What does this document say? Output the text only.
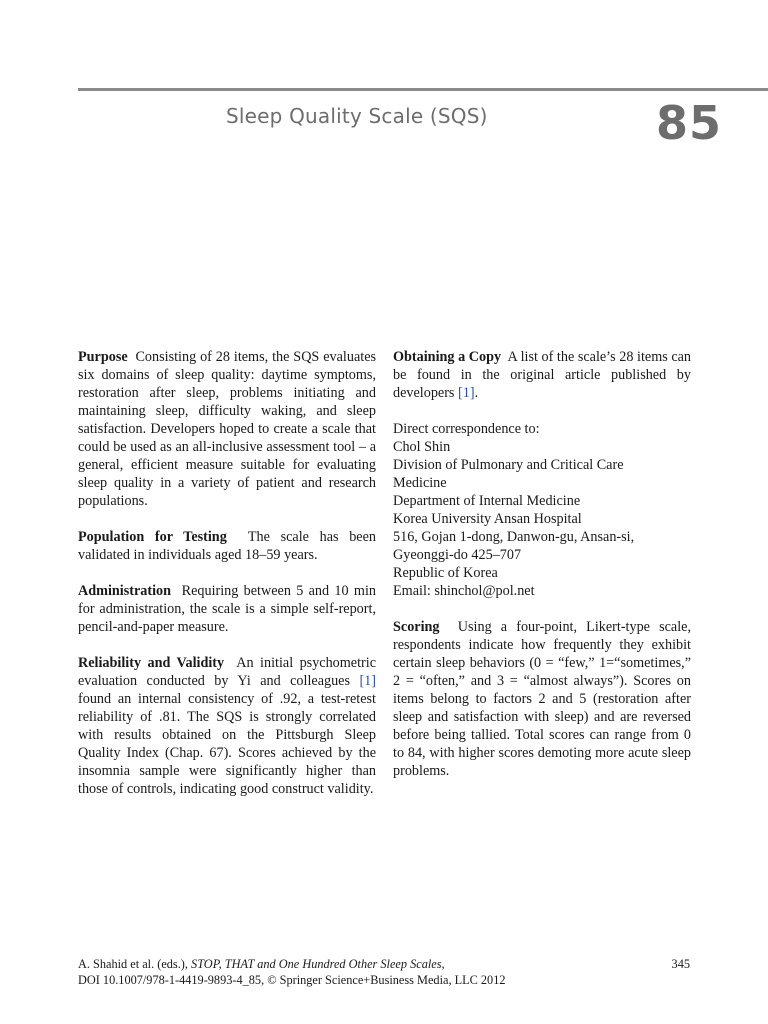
Sleep Quality Scale (SQS)	85

Purpose Consisting of 28 items, the SQS evaluates six domains of sleep quality: daytime symptoms, restoration after sleep, problems initiating and maintaining sleep, difficulty waking, and sleep satisfaction. Developers hoped to create a scale that could be used as an all-inclusive assessment tool – a general, efficient measure suitable for evaluating sleep quality in a variety of patient and research populations.

Population for Testing The scale has been validated in individuals aged 18–59 years.

Administration Requiring between 5 and 10 min for administration, the scale is a simple self-report, pencil-and-paper measure.

Reliability and Validity An initial psychometric evaluation conducted by Yi and colleagues [1] found an internal consistency of .92, a test-retest reliability of .81. The SQS is strongly correlated with results obtained on the Pittsburgh Sleep Quality Index (Chap. 67). Scores achieved by the insomnia sample were significantly higher than those of controls, indicating good construct validity.

Obtaining a Copy A list of the scale’s 28 items can be found in the original article published by developers [1].

Direct correspondence to:
Chol Shin
Division of Pulmonary and Critical Care
Medicine
Department of Internal Medicine
Korea University Ansan Hospital
516, Gojan 1-dong, Danwon-gu, Ansan-si,
Gyeonggi-do 425–707
Republic of Korea
Email: shinchol@pol.net

Scoring Using a four-point, Likert-type scale, respondents indicate how frequently they exhibit certain sleep behaviors (0 = “few,” 1=“sometimes,” 2 = “often,” and 3 = “almost always”). Scores on items belong to factors 2 and 5 (restoration after sleep and satisfaction with sleep) and are reversed before being tallied. Total scores can range from 0 to 84, with higher scores demoting more acute sleep problems.

A. Shahid et al. (eds.), STOP, THAT and One Hundred Other Sleep Scales,
DOI 10.1007/978-1-4419-9893-4_85, © Springer Science+Business Media, LLC 2012
345
